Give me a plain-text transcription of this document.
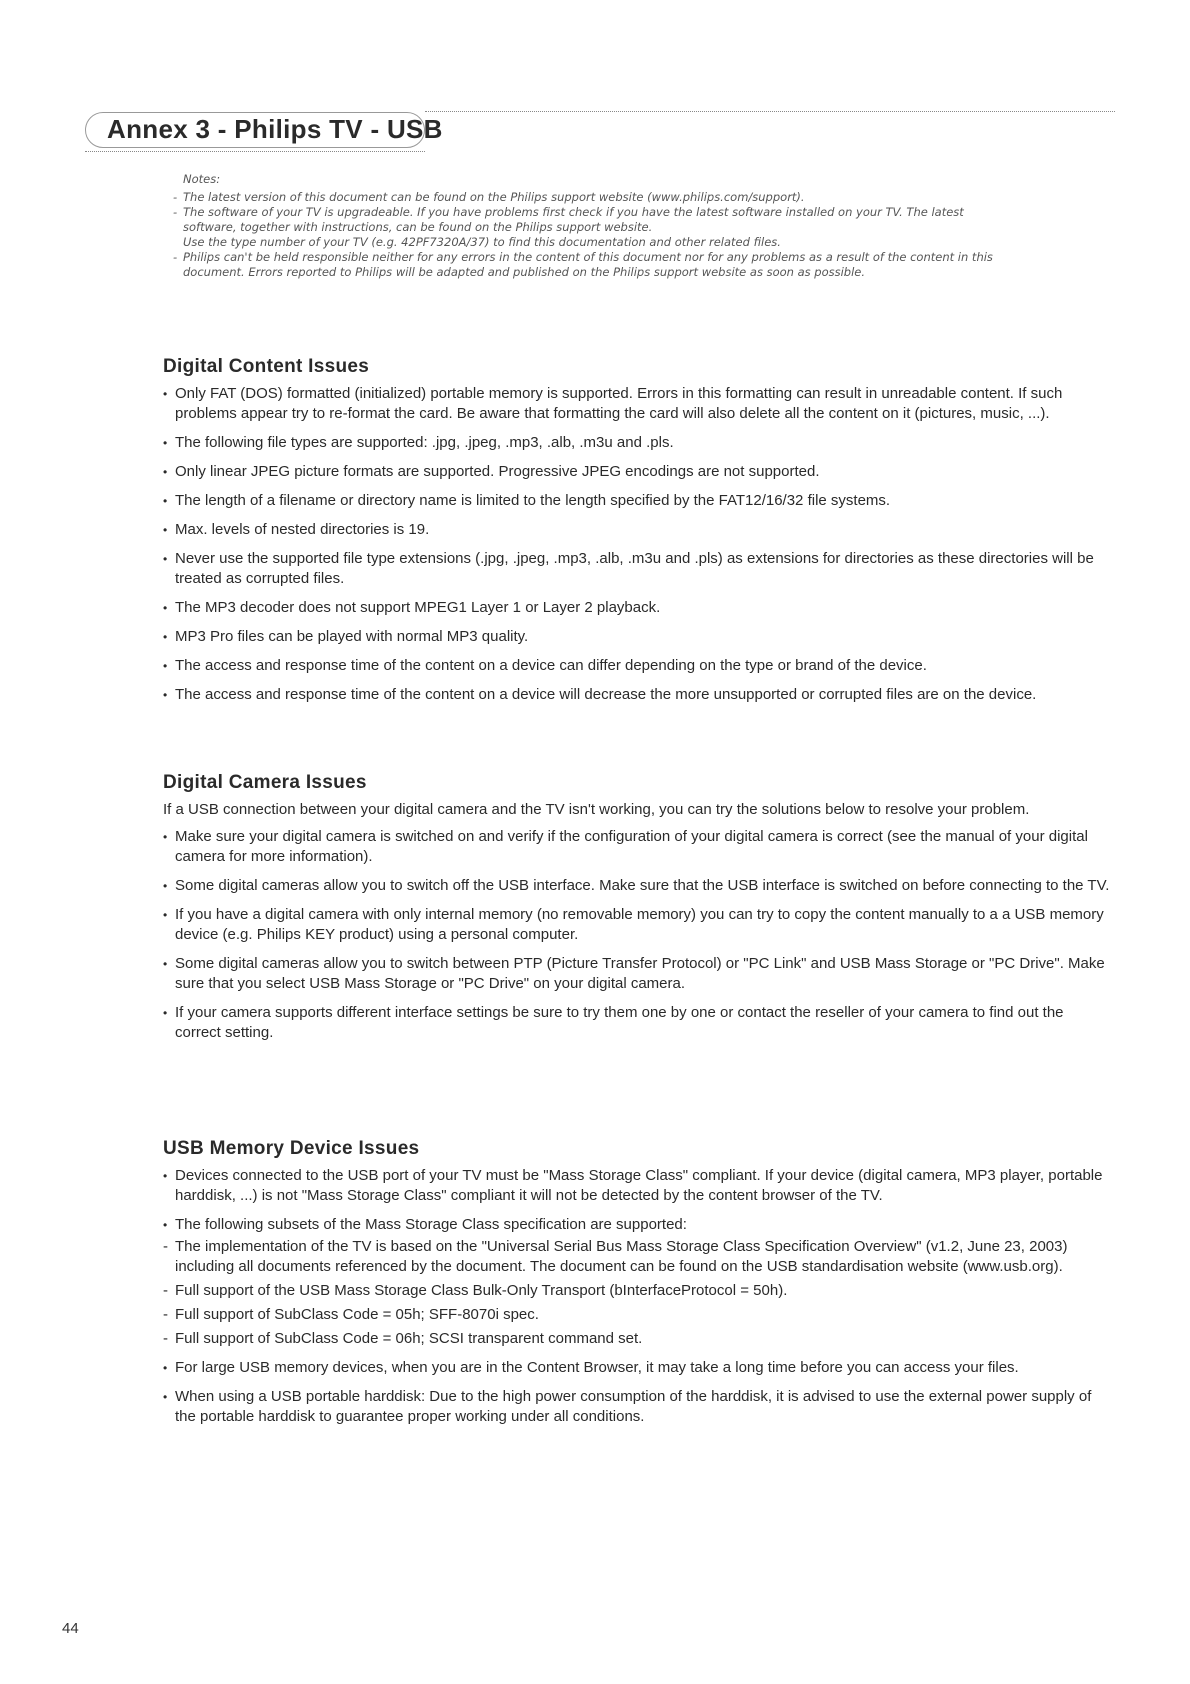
Annex 3 - Philips TV - USB
Notes:
- The latest version of this document can be found on the Philips support website (www.philips.com/support).
- The software of your TV is upgradeable. If you have problems first check if you have the latest software installed on your TV. The latest
software, together with instructions, can be found on the Philips support website.
Use the type number of your TV (e.g. 42PF7320A/37) to find this documentation and other related files.
- Philips can't be held responsible neither for any errors in the content of this document nor for any problems as a result of the content in this
document. Errors reported to Philips will be adapted and published on the Philips support website as soon as possible.
Digital Content Issues
• Only FAT (DOS) formatted (initialized) portable memory is supported. Errors in this formatting can result in unreadable content. If such problems appear try to re-format the card. Be aware that formatting the card will also delete all the content on it (pictures, music, ...).
• The following file types are supported: .jpg, .jpeg, .mp3, .alb, .m3u and .pls.
• Only linear JPEG picture formats are supported. Progressive JPEG encodings are not supported.
• The length of a filename or directory name is limited to the length specified by the FAT12/16/32 file systems.
• Max. levels of nested directories is 19.
• Never use the supported file type extensions (.jpg, .jpeg, .mp3, .alb, .m3u and .pls) as extensions for directories as these directories will be treated as corrupted files.
• The MP3 decoder does not support MPEG1 Layer 1 or Layer 2 playback.
• MP3 Pro files can be played with normal MP3 quality.
• The access and response time of the content on a device can differ depending on the type or brand of the device.
• The access and response time of the content on a device will decrease the more unsupported or corrupted files are on the device.
Digital Camera Issues

If a USB connection between your digital camera and the TV isn't working, you can try the solutions below to resolve your problem.

• Make sure your digital camera is switched on and verify if the configuration of your digital camera is correct (see the manual of your digital camera for more information).
• Some digital cameras allow you to switch off the USB interface. Make sure that the USB interface is switched on before connecting to the TV.
• If you have a digital camera with only internal memory (no removable memory) you can try to copy the content manually to a a USB memory device (e.g. Philips KEY product) using a personal computer.
• Some digital cameras allow you to switch between PTP (Picture Transfer Protocol) or "PC Link" and USB Mass Storage or "PC Drive". Make sure that you select USB Mass Storage or "PC Drive" on your digital camera.
• If your camera supports different interface settings be sure to try them one by one or contact the reseller of your camera to find out the correct setting.
USB Memory Device Issues
• Devices connected to the USB port of your TV must be "Mass Storage Class" compliant. If your device (digital camera, MP3 player, portable harddisk, ...) is not "Mass Storage Class" compliant it will not be detected by the content browser of the TV.
• The following subsets of the Mass Storage Class specification are supported:
- The implementation of the TV is based on the "Universal Serial Bus Mass Storage Class Specification Overview" (v1.2, June 23, 2003) including all documents referenced by the document. The document can be found on the USB standardisation website (www.usb.org).
- Full support of the USB Mass Storage Class Bulk-Only Transport (bInterfaceProtocol = 50h).
- Full support of SubClass Code = 05h; SFF-8070i spec.
- Full support of SubClass Code = 06h; SCSI transparent command set.
• For large USB memory devices, when you are in the Content Browser, it may take a long time before you can access your files.
• When using a USB portable harddisk: Due to the high power consumption of the harddisk, it is advised to use the external power supply of the portable harddisk to guarantee proper working under all conditions.
44
